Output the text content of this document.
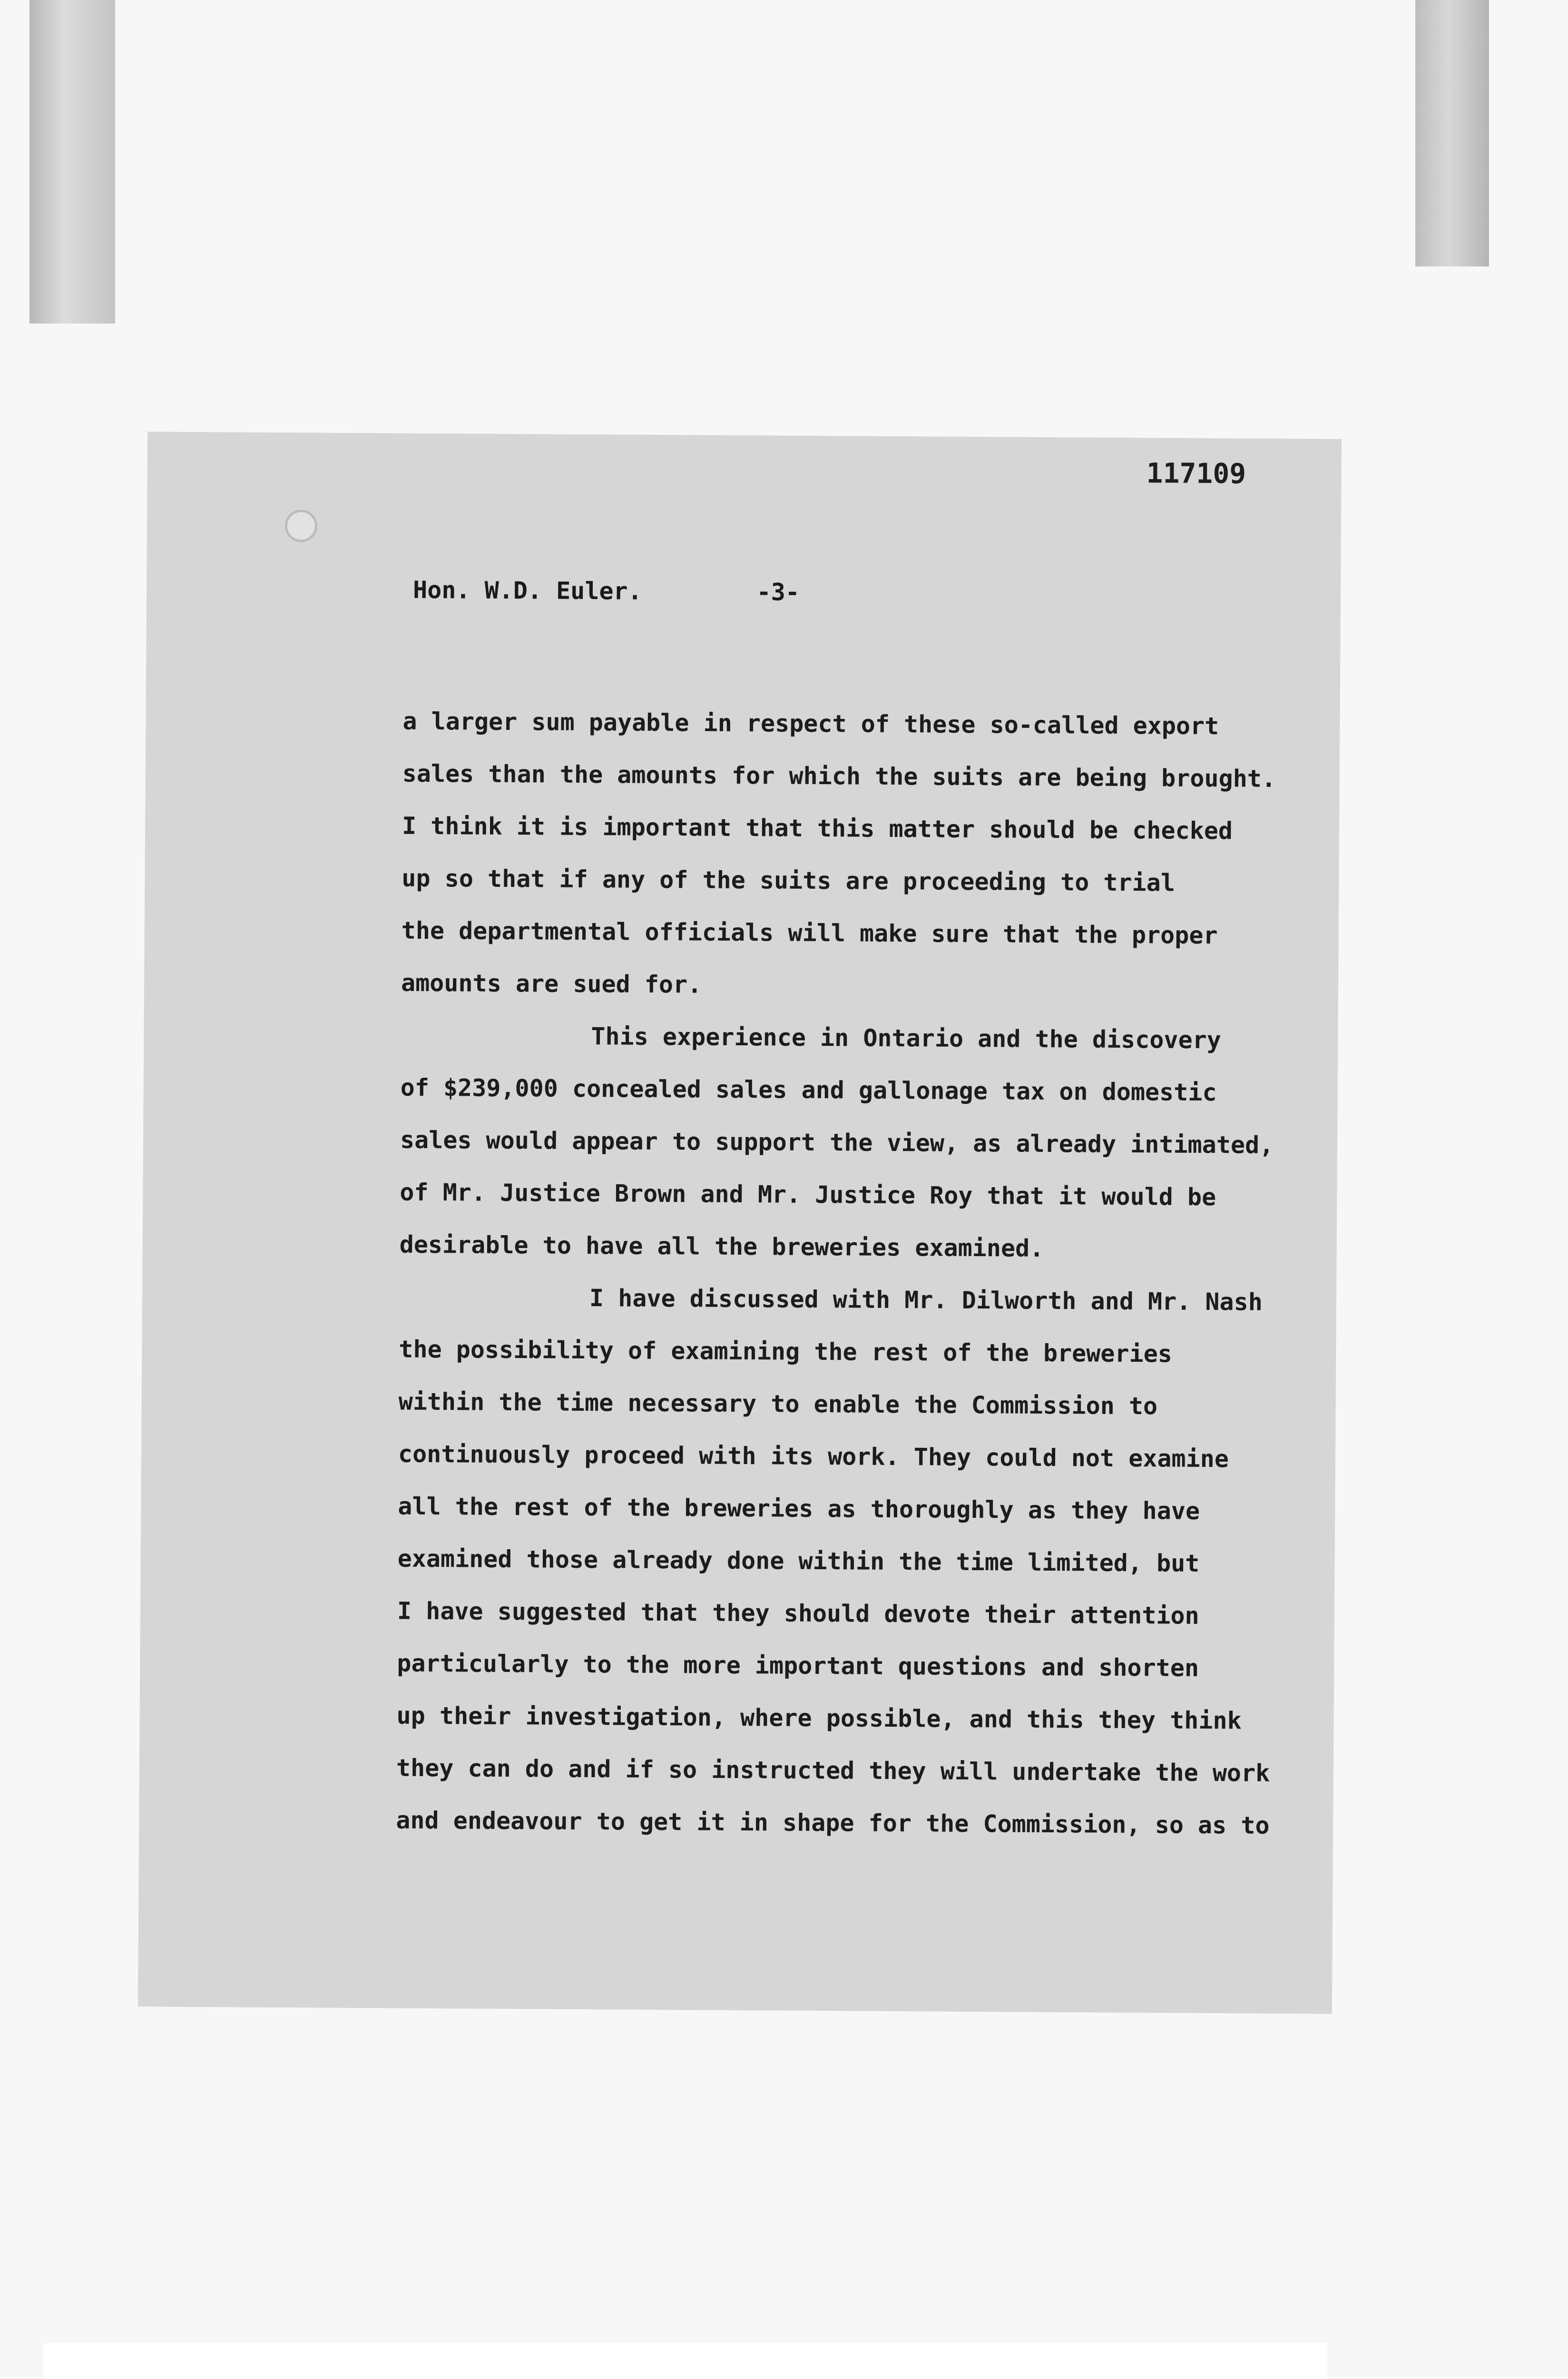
117109

Hon. W.D. Euler.	-3-

a larger sum payable in respect of these so-called export

sales than the amounts for which the suits are being brought.

I think it is important that this matter should be checked

up so that if any of the suits are proceeding to trial

the departmental officials will make sure that the proper

amounts are sued for.

This experience in Ontario and the discovery

of $239,000 concealed sales and gallonage tax on domestic

sales would appear to support the view, as already intimated,

of Mr. Justice Brown and Mr. Justice Roy that it would be

desirable to have all the breweries examined.

I have discussed with Mr. Dilworth and Mr. Nash

the possibility of examining the rest of the breweries

within the time necessary to enable the Commission to

continuously proceed with its work. They could not examine

all the rest of the breweries as thoroughly as they have

examined those already done within the time limited, but

I have suggested that they should devote their attention

particularly to the more important questions and shorten

up their investigation, where possible, and this they think

they can do and if so instructed they will undertake the work

and endeavour to get it in shape for the Commission, so as to
